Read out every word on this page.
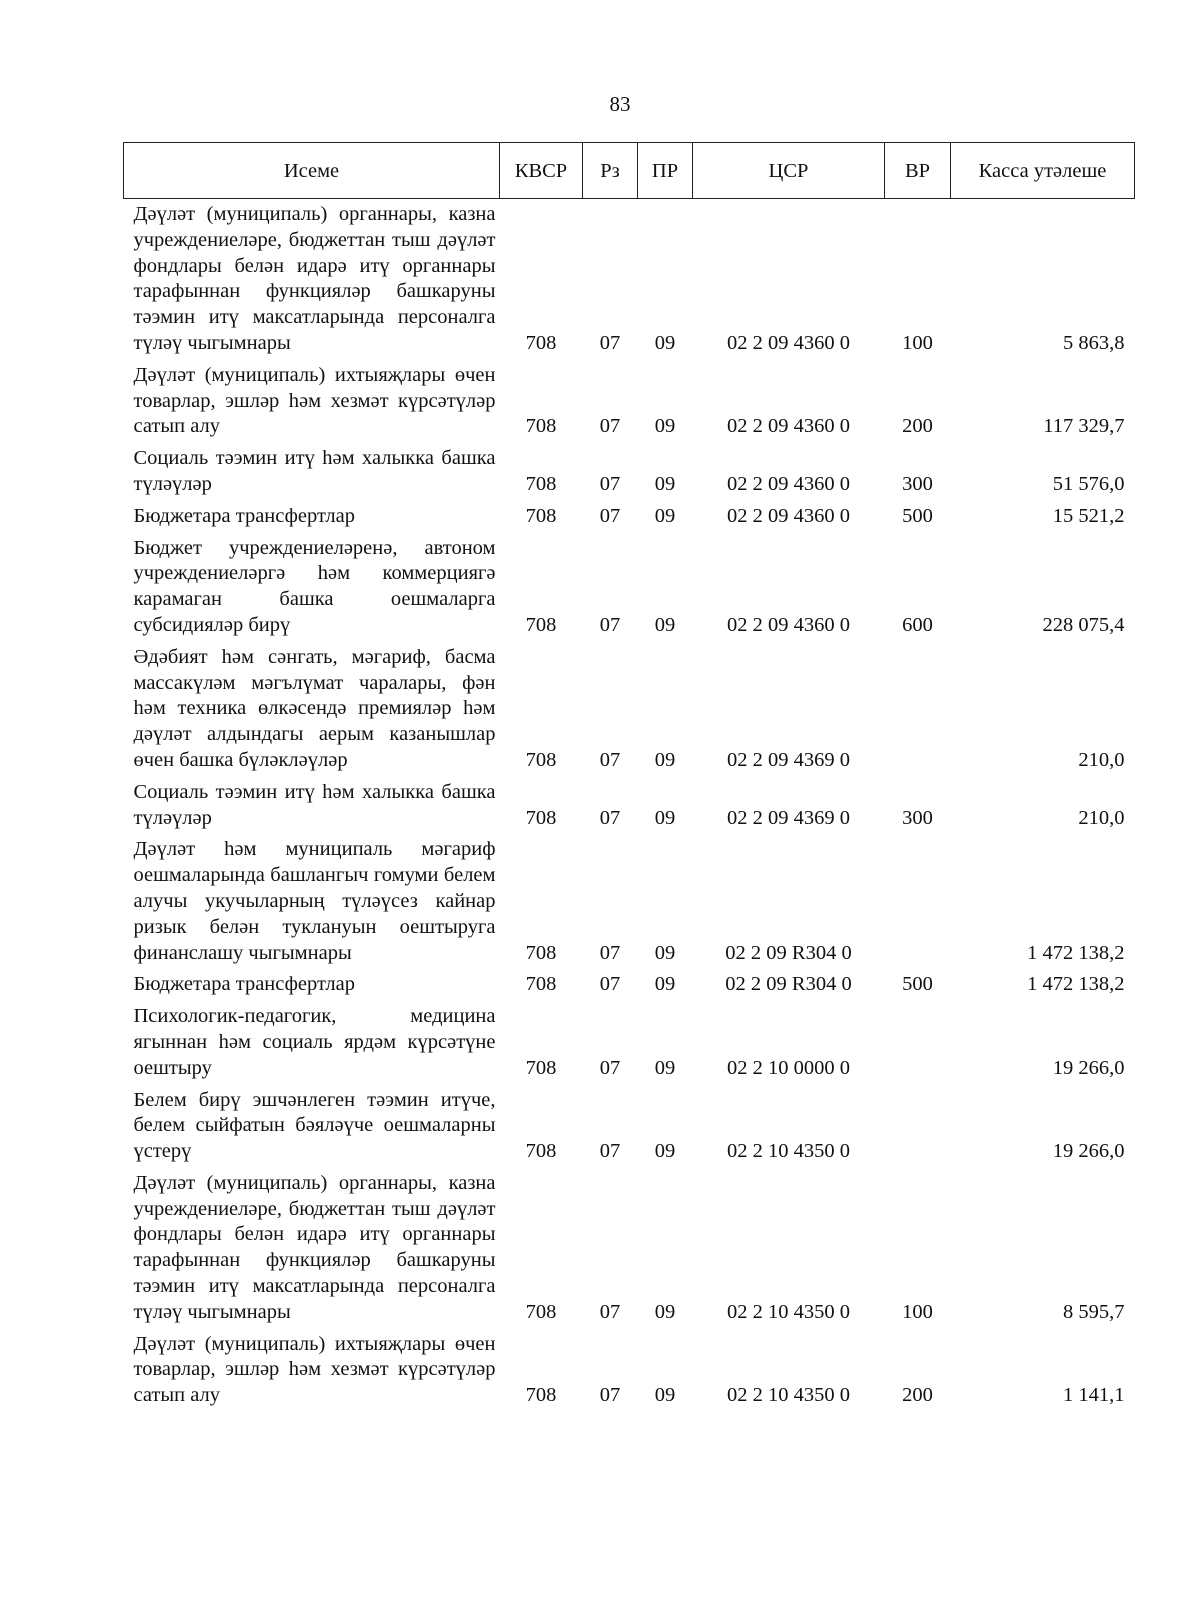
83
Исеме	КВСР	Рз	ПР	ЦСР	ВР	Касса утәлеше
Дәүләт (муниципаль) органнары, казна учреждениеләре, бюджеттан тыш дәүләт фондлары белән идарә итү органнары тарафыннан функцияләр башкаруны тәэмин итү максатларында персоналга түләү чыгымнары	708	07	09	02 2 09 4360 0	100	5 863,8
Дәүләт (муниципаль) ихтыяҗлары өчен товарлар, эшләр һәм хезмәт күрсәтүләр сатып алу	708	07	09	02 2 09 4360 0	200	117 329,7
Социаль тәэмин итү һәм халыкка башка түләүләр	708	07	09	02 2 09 4360 0	300	51 576,0
Бюджетара трансфертлар	708	07	09	02 2 09 4360 0	500	15 521,2
Бюджет учреждениеләренә, автоном учреждениеләргә һәм коммерциягә карамаган башка оешмаларга субсидияләр бирү	708	07	09	02 2 09 4360 0	600	228 075,4
Әдәбият һәм сәнгать, мәгариф, басма массакүләм мәгълүмат чаралары, фән һәм техника өлкәсендә премияләр һәм дәүләт алдындагы аерым казанышлар өчен башка бүләкләүләр	708	07	09	02 2 09 4369 0		210,0
Социаль тәэмин итү һәм халыкка башка түләүләр	708	07	09	02 2 09 4369 0	300	210,0
Дәүләт һәм муниципаль мәгариф оешмаларында башлангыч гомуми белем алучы укучыларның түләүсез кайнар ризык белән туклануын оештыруга финанслашу чыгымнары	708	07	09	02 2 09 R304 0		1 472 138,2
Бюджетара трансфертлар	708	07	09	02 2 09 R304 0	500	1 472 138,2
Психологик-педагогик, медицина ягыннан һәм социаль ярдәм күрсәтүне оештыру	708	07	09	02 2 10 0000 0		19 266,0
Белем бирү эшчәнлеген тәэмин итүче, белем сыйфатын бәяләүче оешмаларны үстерү	708	07	09	02 2 10 4350 0		19 266,0
Дәүләт (муниципаль) органнары, казна учреждениеләре, бюджеттан тыш дәүләт фондлары белән идарә итү органнары тарафыннан функцияләр башкаруны тәэмин итү максатларында персоналга түләү чыгымнары	708	07	09	02 2 10 4350 0	100	8 595,7
Дәүләт (муниципаль) ихтыяҗлары өчен товарлар, эшләр һәм хезмәт күрсәтүләр сатып алу	708	07	09	02 2 10 4350 0	200	1 141,1
